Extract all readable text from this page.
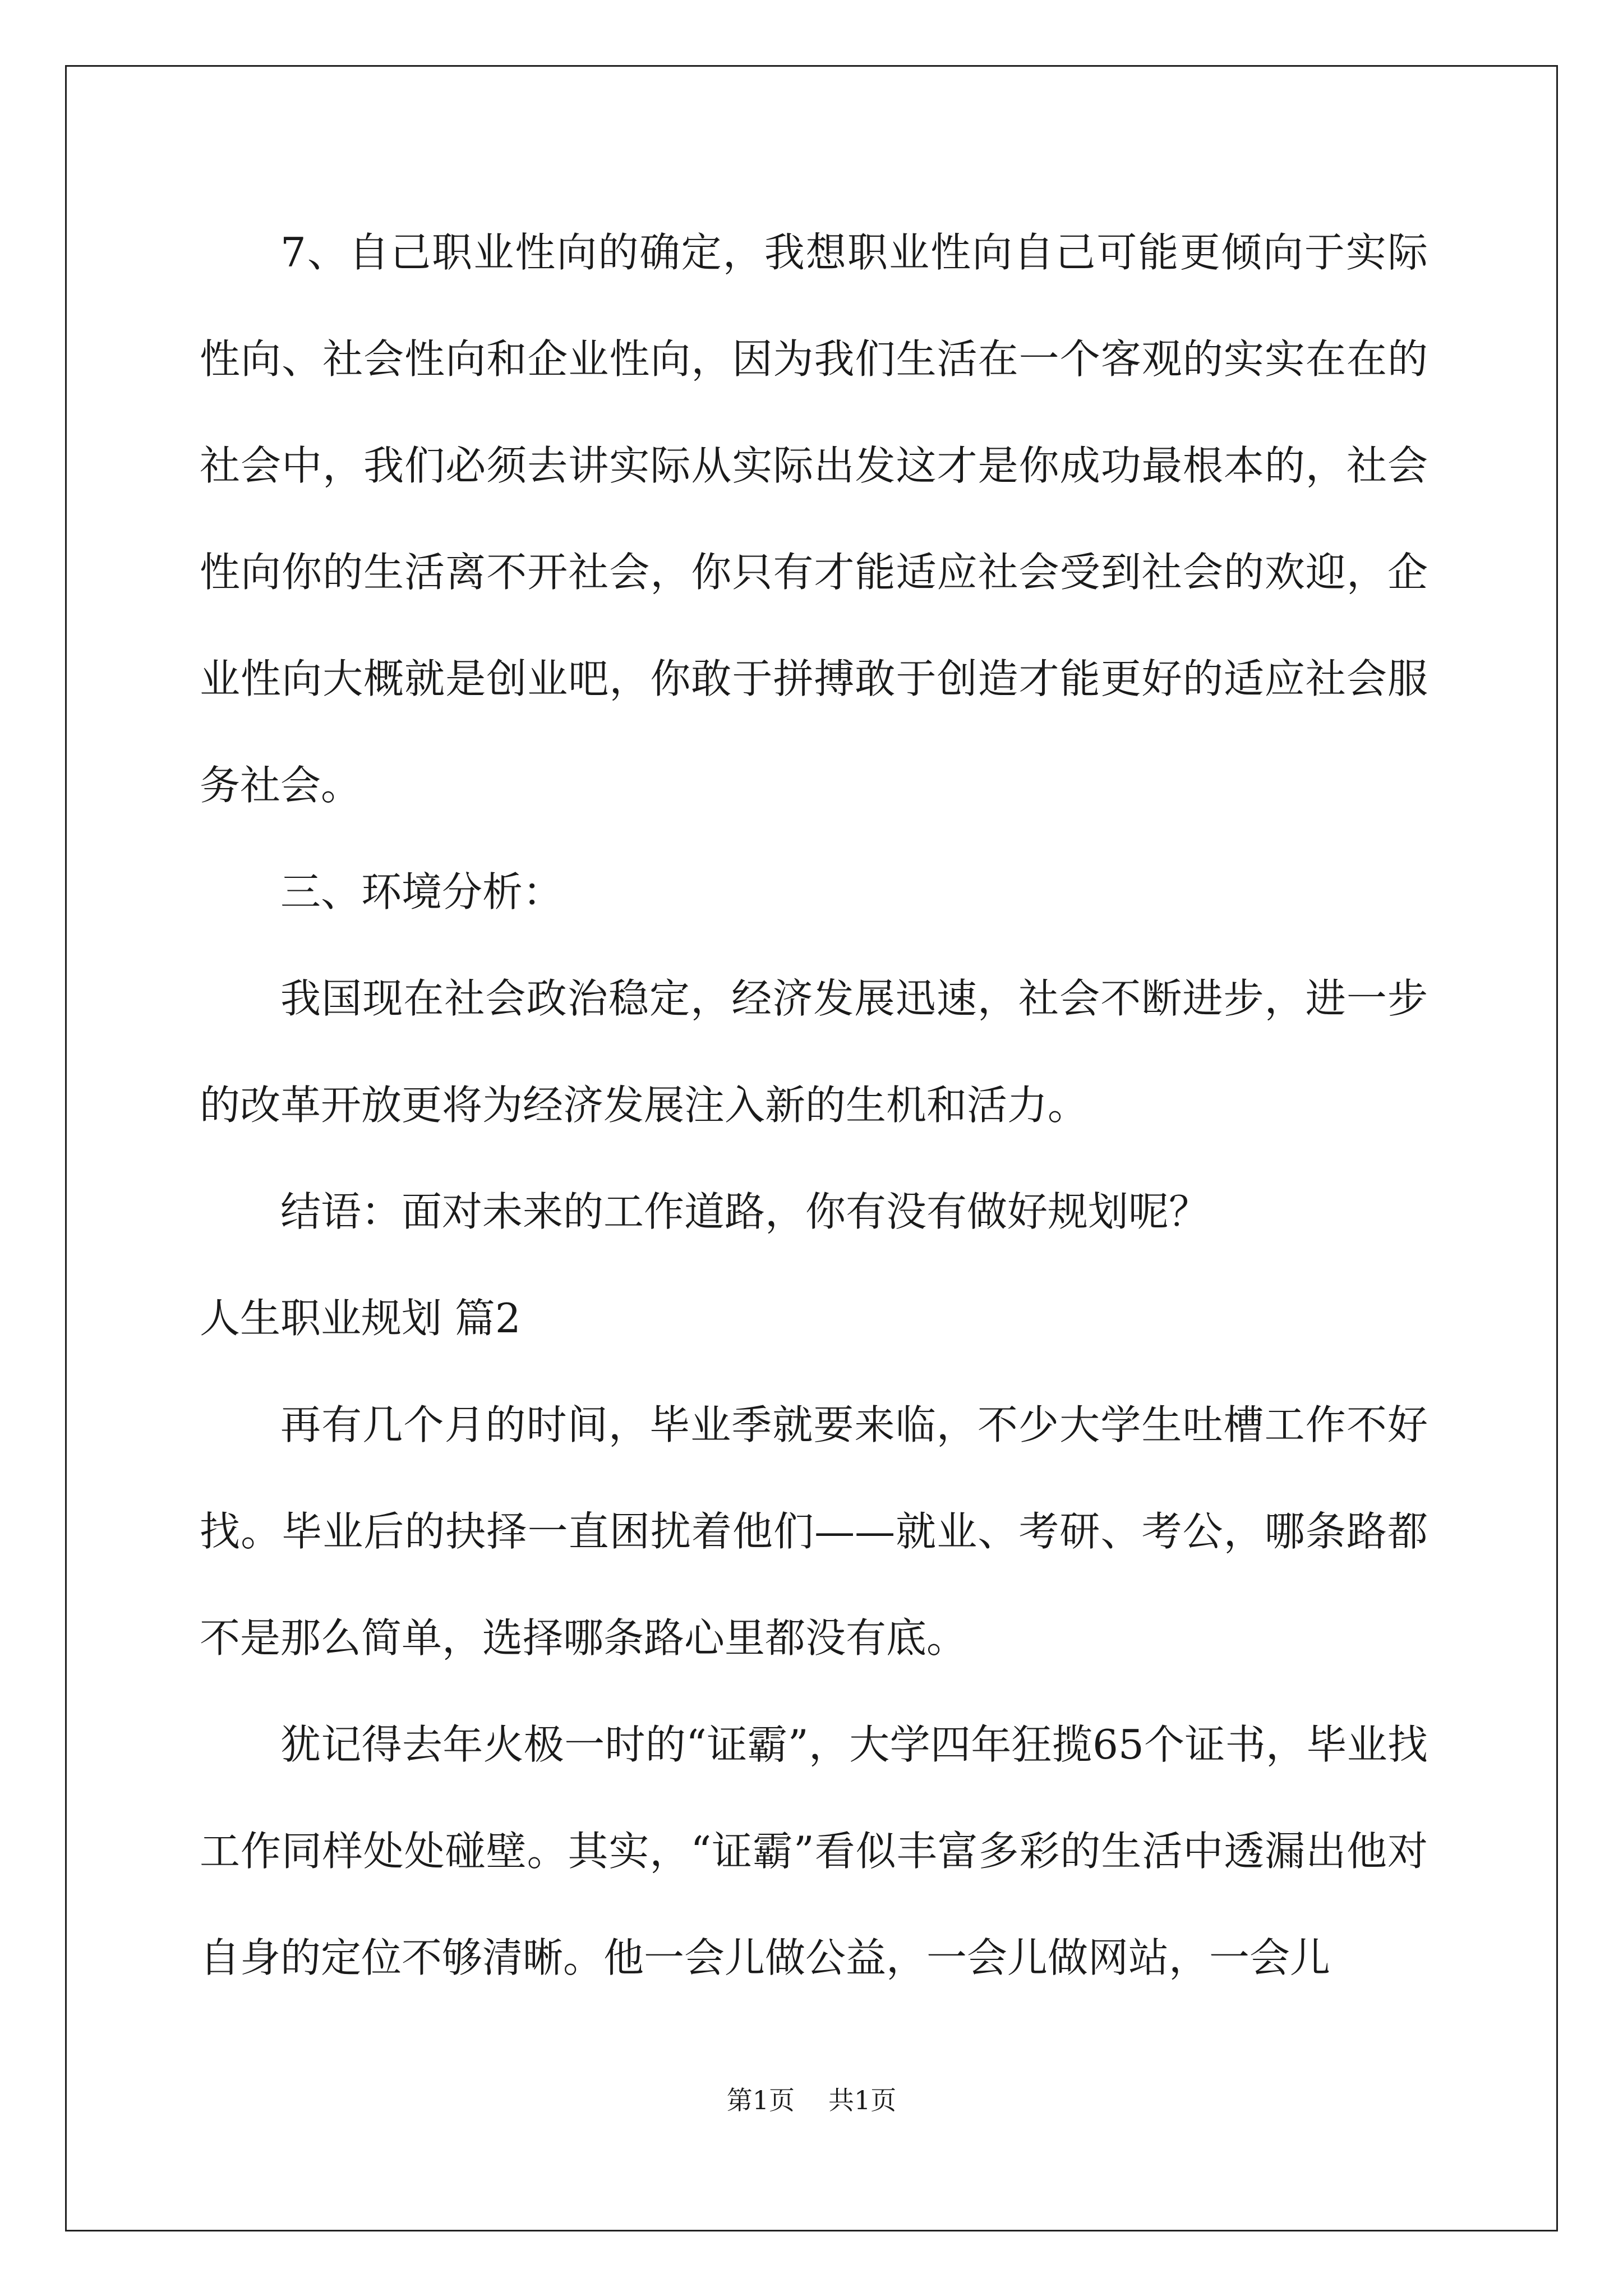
7、自己职业性向的确定，我想职业性向自己可能更倾向于实际性向、社会性向和企业性向，因为我们生活在一个客观的实实在在的社会中，我们必须去讲实际从实际出发这才是你成功最根本的，社会性向你的生活离不开社会，你只有才能适应社会受到社会的欢迎，企业性向大概就是创业吧，你敢于拼搏敢于创造才能更好的适应社会服务社会。

三、环境分析：

我国现在社会政治稳定，经济发展迅速，社会不断进步，进一步的改革开放更将为经济发展注入新的生机和活力。

结语：面对未来的工作道路，你有没有做好规划呢？

人生职业规划 篇2

再有几个月的时间，毕业季就要来临，不少大学生吐槽工作不好找。毕业后的抉择一直困扰着他们——就业、考研、考公，哪条路都不是那么简单，选择哪条路心里都没有底。

犹记得去年火极一时的“证霸”，大学四年狂揽65个证书，毕业找工作同样处处碰壁。其实，“证霸”看似丰富多彩的生活中透漏出他对自身的定位不够清晰。他一会儿做公益，一会儿做网站，一会儿

第1页 共1页
